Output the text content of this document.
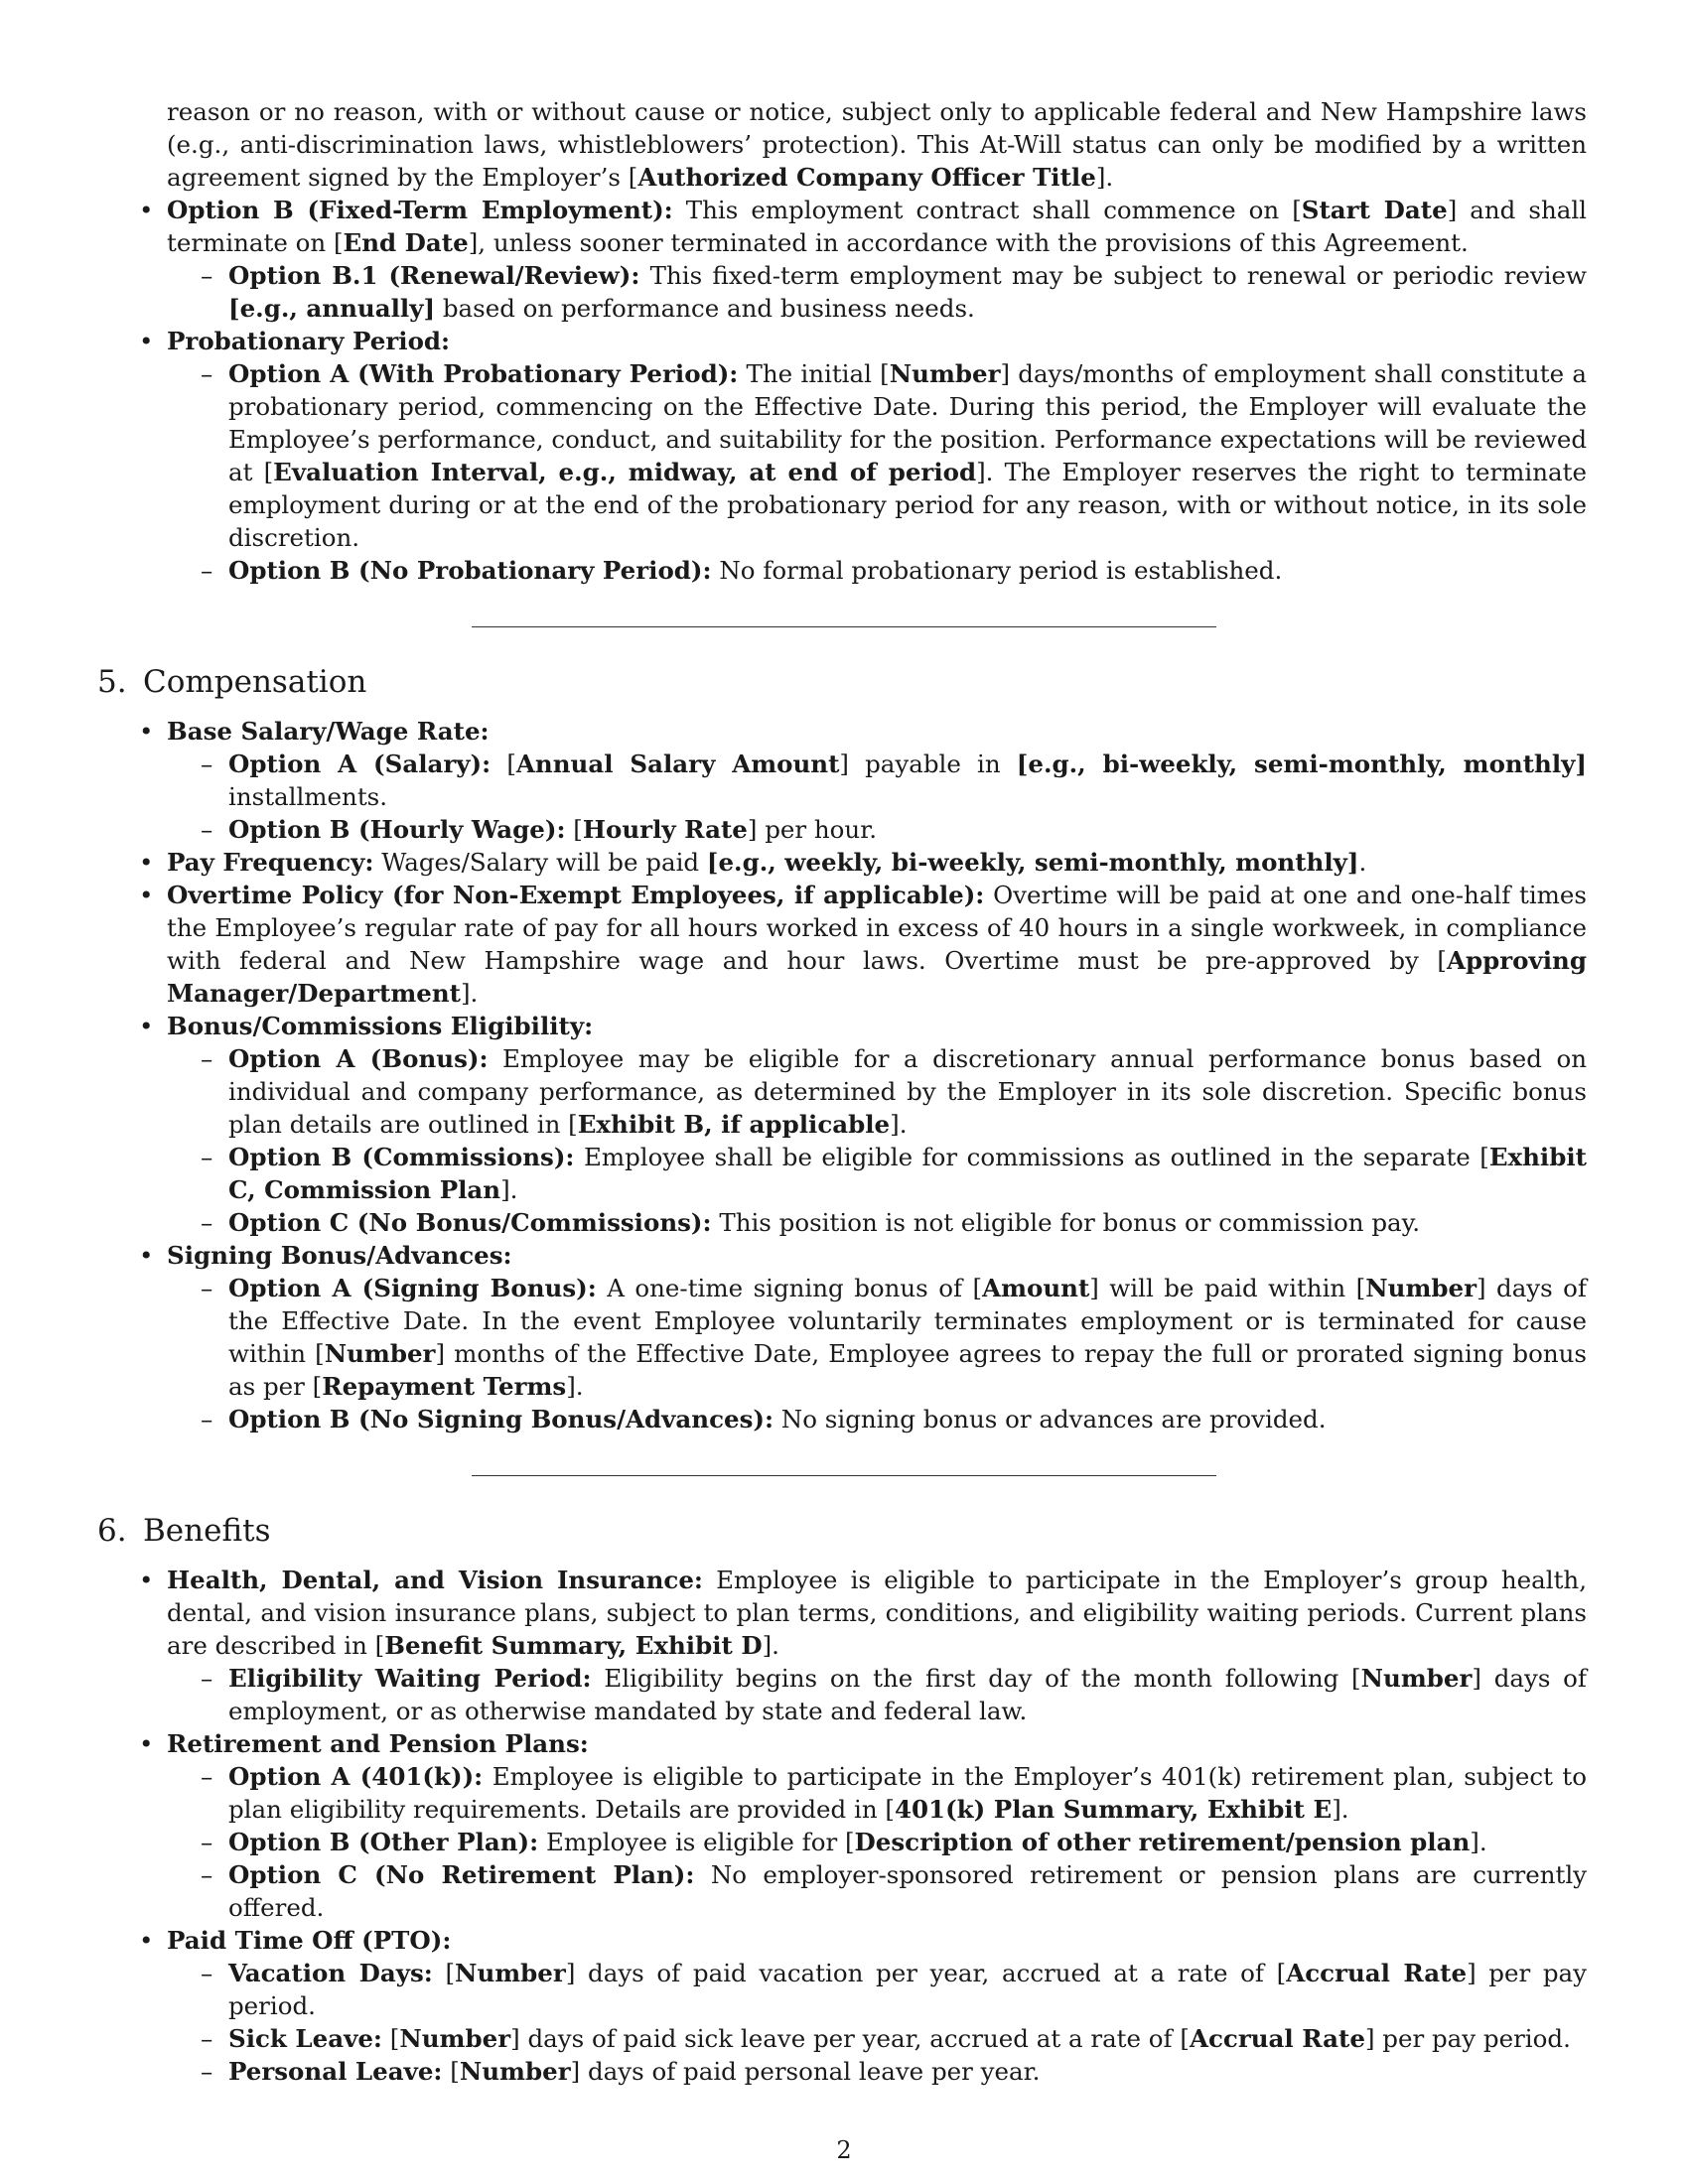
reason or no reason, with or without cause or notice, subject only to applicable federal and New Hampshire laws (e.g., anti-discrimination laws, whistleblowers’ protection). This At-Will status can only be modified by a written agreement signed by the Employer’s [Authorized Company Officer Title].
• Option B (Fixed-Term Employment): This employment contract shall commence on [Start Date] and shall terminate on [End Date], unless sooner terminated in accordance with the provisions of this Agreement.
– Option B.1 (Renewal/Review): This fixed-term employment may be subject to renewal or periodic review [e.g., annually] based on performance and business needs.
• Probationary Period:
– Option A (With Probationary Period): The initial [Number] days/months of employment shall constitute a probationary period, commencing on the Effective Date. During this period, the Employer will evaluate the Employee’s performance, conduct, and suitability for the position. Performance expectations will be reviewed at [Evaluation Interval, e.g., midway, at end of period]. The Employer reserves the right to terminate employment during or at the end of the probationary period for any reason, with or without notice, in its sole discretion.
– Option B (No Probationary Period): No formal probationary period is established.
5. Compensation
• Base Salary/Wage Rate:
– Option A (Salary): [Annual Salary Amount] payable in [e.g., bi-weekly, semi-monthly, monthly] installments.
– Option B (Hourly Wage): [Hourly Rate] per hour.
• Pay Frequency: Wages/Salary will be paid [e.g., weekly, bi-weekly, semi-monthly, monthly].
• Overtime Policy (for Non-Exempt Employees, if applicable): Overtime will be paid at one and one-half times the Employee’s regular rate of pay for all hours worked in excess of 40 hours in a single workweek, in compliance with federal and New Hampshire wage and hour laws. Overtime must be pre-approved by [Approving Manager/Department].
• Bonus/Commissions Eligibility:
– Option A (Bonus): Employee may be eligible for a discretionary annual performance bonus based on individual and company performance, as determined by the Employer in its sole discretion. Specific bonus plan details are outlined in [Exhibit B, if applicable].
– Option B (Commissions): Employee shall be eligible for commissions as outlined in the separate [Exhibit C, Commission Plan].
– Option C (No Bonus/Commissions): This position is not eligible for bonus or commission pay.
• Signing Bonus/Advances:
– Option A (Signing Bonus): A one-time signing bonus of [Amount] will be paid within [Number] days of the Effective Date. In the event Employee voluntarily terminates employment or is terminated for cause within [Number] months of the Effective Date, Employee agrees to repay the full or prorated signing bonus as per [Repayment Terms].
– Option B (No Signing Bonus/Advances): No signing bonus or advances are provided.
6. Benefits
• Health, Dental, and Vision Insurance: Employee is eligible to participate in the Employer’s group health, dental, and vision insurance plans, subject to plan terms, conditions, and eligibility waiting periods. Current plans are described in [Benefit Summary, Exhibit D].
– Eligibility Waiting Period: Eligibility begins on the first day of the month following [Number] days of employment, or as otherwise mandated by state and federal law.
• Retirement and Pension Plans:
– Option A (401(k)): Employee is eligible to participate in the Employer’s 401(k) retirement plan, subject to plan eligibility requirements. Details are provided in [401(k) Plan Summary, Exhibit E].
– Option B (Other Plan): Employee is eligible for [Description of other retirement/pension plan].
– Option C (No Retirement Plan): No employer-sponsored retirement or pension plans are currently offered.
• Paid Time Off (PTO):
– Vacation Days: [Number] days of paid vacation per year, accrued at a rate of [Accrual Rate] per pay period.
– Sick Leave: [Number] days of paid sick leave per year, accrued at a rate of [Accrual Rate] per pay period.
– Personal Leave: [Number] days of paid personal leave per year.
2
